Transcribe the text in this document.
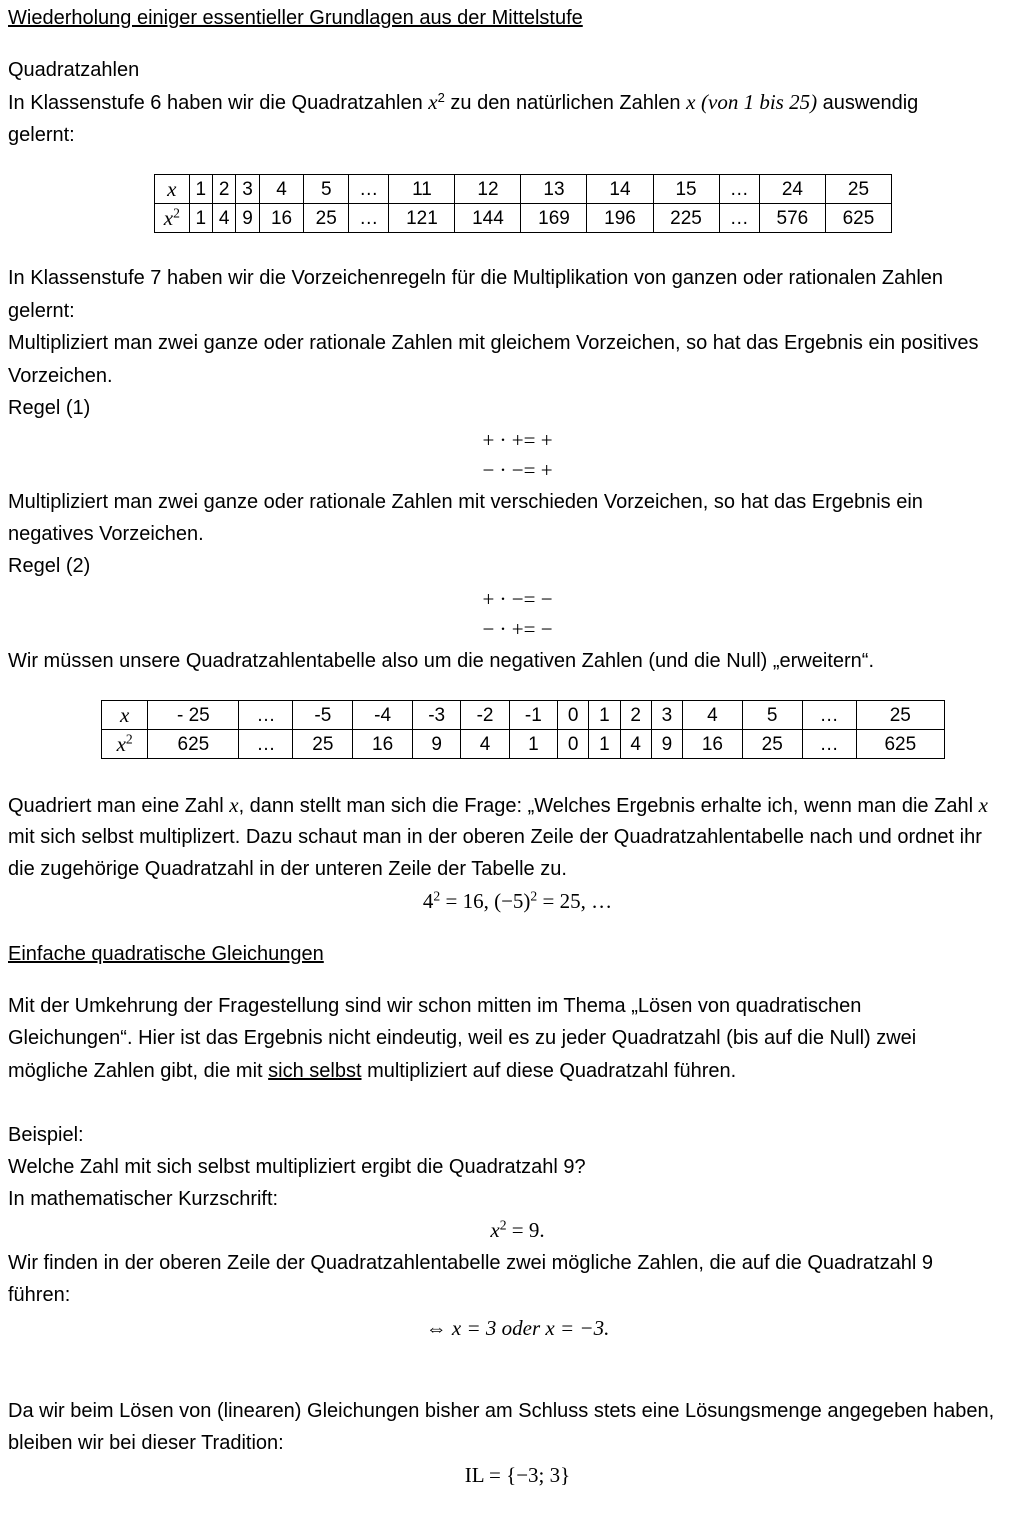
Wiederholung einiger essentieller Grundlagen aus der Mittelstufe
Quadratzahlen
In Klassenstufe 6 haben wir die Quadratzahlen $x^2$ zu den natürlichen Zahlen x (von 1 bis 25) auswendig
gelernt:
x	1	2	3	4	5	…	11	12	13	14	15	…	24	25
$x^2$	1	4	9	16	25	…	121	144	169	196	225	…	576	625
In Klassenstufe 7 haben wir die Vorzeichenregeln für die Multiplikation von ganzen oder rationalen Zahlen
gelernt:
Multipliziert man zwei ganze oder rationale Zahlen mit gleichem Vorzeichen, so hat das Ergebnis ein positives
Vorzeichen.
Regel (1)
+ · += +
− · −= +
Multipliziert man zwei ganze oder rationale Zahlen mit verschieden Vorzeichen, so hat das Ergebnis ein
negatives Vorzeichen.
Regel (2)
+ · −= −
− · += −
Wir müssen unsere Quadratzahlentabelle also um die negativen Zahlen (und die Null) „erweitern“.
x	- 25	…	-5	-4	-3	-2	-1	0	1	2	3	4	5	…	25
$x^2$	625	…	25	16	9	4	1	0	1	4	9	16	25	…	625
Quadriert man eine Zahl x, dann stellt man sich die Frage: „Welches Ergebnis erhalte ich, wenn man die Zahl x
mit sich selbst multiplizert. Dazu schaut man in der oberen Zeile der Quadratzahlentabelle nach und ordnet ihr
die zugehörige Quadratzahl in der unteren Zeile der Tabelle zu.
$4^2 = 16$, $(-5)^2 = 25$, …
Einfache quadratische Gleichungen
Mit der Umkehrung der Fragestellung sind wir schon mitten im Thema „Lösen von quadratischen
Gleichungen“. Hier ist das Ergebnis nicht eindeutig, weil es zu jeder Quadratzahl (bis auf die Null) zwei
mögliche Zahlen gibt, die mit sich selbst multipliziert auf diese Quadratzahl führen.
Beispiel:
Welche Zahl mit sich selbst multipliziert ergibt die Quadratzahl 9?
In mathematischer Kurzschrift:
$x^2 = 9$.
Wir finden in der oberen Zeile der Quadratzahlentabelle zwei mögliche Zahlen, die auf die Quadratzahl 9
führen:
⇔ x = 3 oder x = −3.
Da wir beim Lösen von (linearen) Gleichungen bisher am Schluss stets eine Lösungsmenge angegeben haben,
bleiben wir bei dieser Tradition:
IL = {−3; 3}
